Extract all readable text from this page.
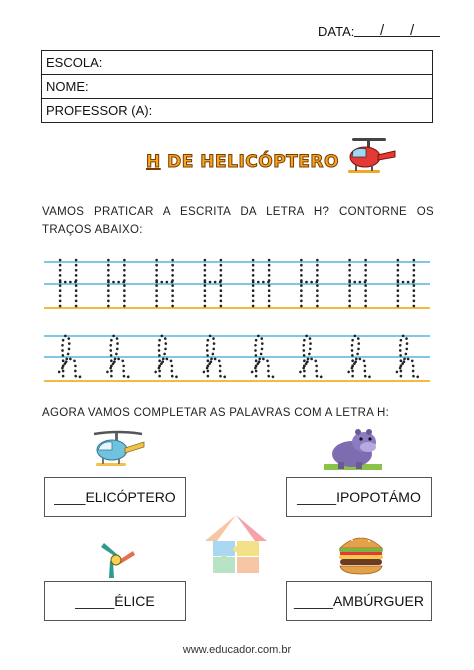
DATA: / /
ESCOLA:
NOME:
PROFESSOR (A):
H DE HELICÓPTERO
VAMOS PRATICAR A ESCRITA DA LETRA H? CONTORNE OS
TRAÇOS ABAIXO:
AGORA VAMOS COMPLETAR AS PALAVRAS COM A LETRA H:
____ELICÓPTERO	_____IPOPOTÁMO
_____ÉLICE	_____AMBÚRGUER
www.educador.com.br
